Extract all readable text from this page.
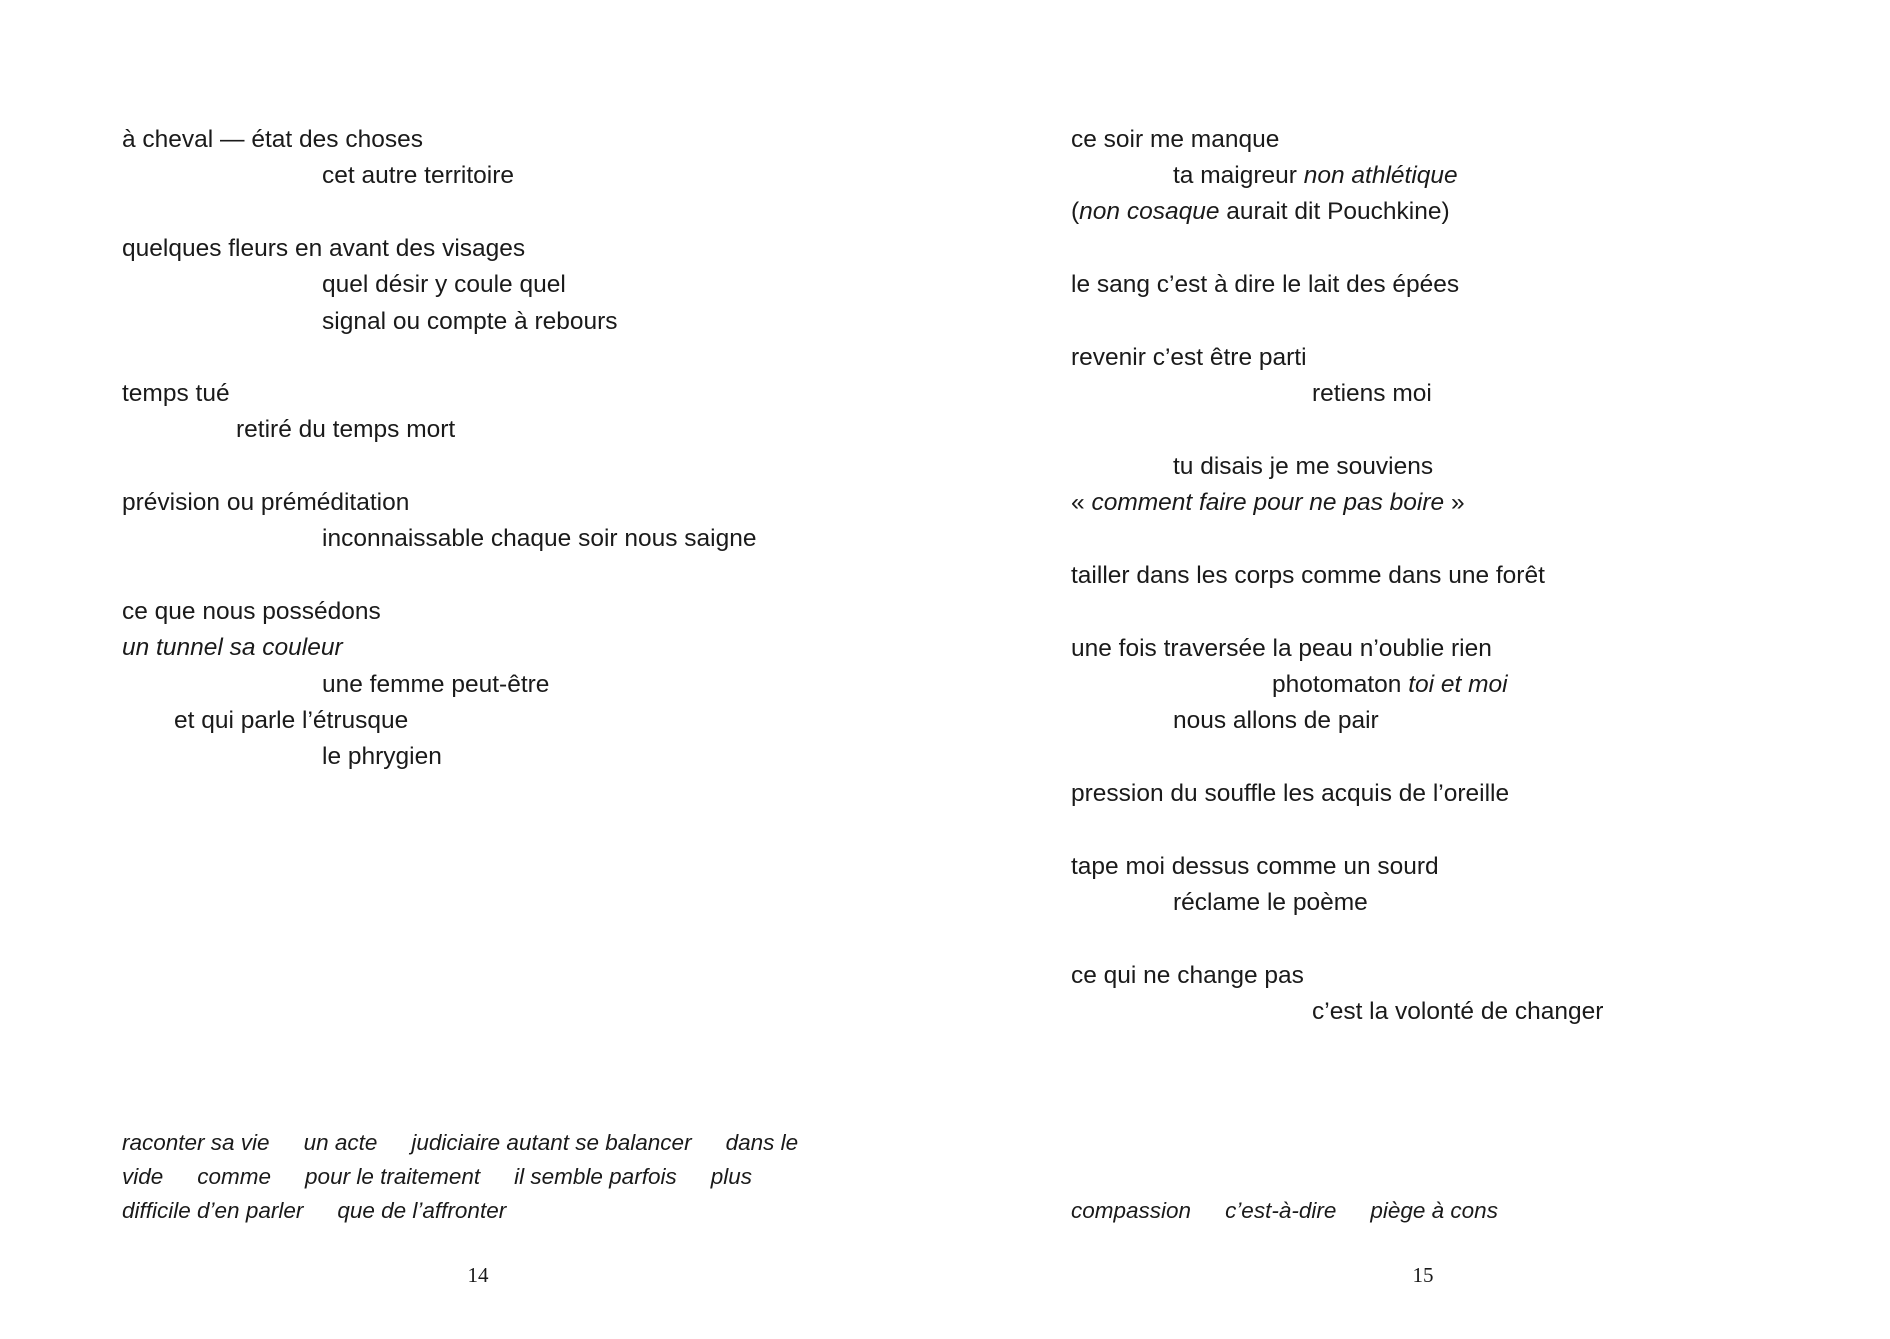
14
à cheval — état des choses
cet autre territoire
quelques fleurs en avant des visages
quel désir y coule quel
signal ou compte à rebours
temps tué
retiré du temps mort
prévision ou préméditation
inconnaissable chaque soir nous saigne
ce que nous possédons
un tunnel sa couleur
une femme peut-être
et qui parle l’étrusque
le phrygien
raconter sa vie un acte judiciaire autant se balancer dans le
vide comme pour le traitement il semble parfois plus
difficile d’en parler que de l’affronter
15
ce soir me manque
ta maigreur non athlétique
(non cosaque aurait dit Pouchkine)
le sang c’est à dire le lait des épées
revenir c’est être parti
retiens moi
tu disais je me souviens
« comment faire pour ne pas boire »
tailler dans les corps comme dans une forêt
une fois traversée la peau n’oublie rien
photomaton toi et moi
nous allons de pair
pression du souffle les acquis de l’oreille
tape moi dessus comme un sourd
réclame le poème
ce qui ne change pas
c’est la volonté de changer
compassion c’est-à-dire piège à cons
